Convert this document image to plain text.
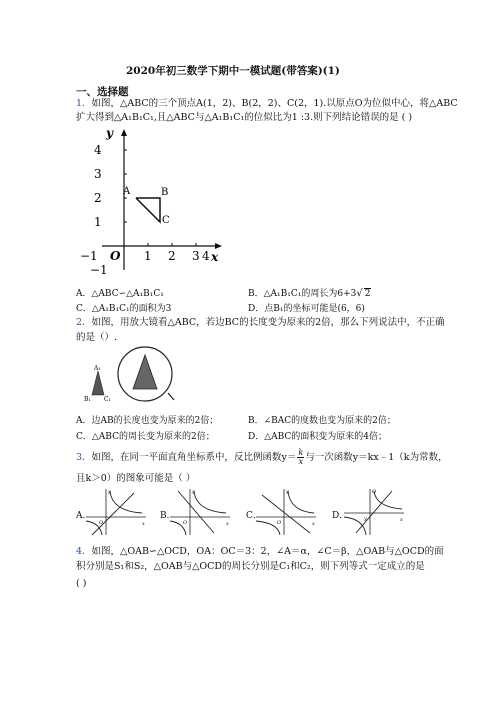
2020年初三数学下期中一模试题(带答案)(1)
一、选择题
1．如图，△ABC的三个顶点A(1，2)、B(2，2)、C(2，1).以原点O为位似中心，将△ABC
扩大得到△A₁B₁C₁,且△ABC与△A₁B₁C₁的位似比为1 :3.则下列结论错误的是 ( )
y
x
O
4
3
2
1
−1
A	B
C
−1	1 2 3 4
A．△ABC∽△A₁B₁C₁	B．△A₁B₁C₁的周长为6+3√ 2
C．△A₁B₁C₁的面积为3	D．点B₁的坐标可能是(6，6)
2．如图，用放大镜看△ABC，若边BC的长度变为原来的2倍，那么下列说法中，不正确
的是（）.
A₁
B₁ C₁
A．边AB的长度也变为原来的2倍；	B．∠BAC的度数也变为原来的2倍；
C．△ABC的周长变为原来的2倍；	D．△ABC的面积变为原来的4倍；
3．如图，在同一平面直角坐标系中，反比例函数$y= \frac{k}{x}$ 与一次函数y＝kx﹣1（k为常数，
且k＞0）的图象可能是（ ）
A．
x
y
O
B．
x
y
O
C．
x
y
O
D．	x
O
y
4．如图，△OAB∽△OCD，OA：OC＝3：2，∠A＝α，∠C＝β，△OAB与△OCD的面
积分别是S₁和S₂，△OAB与△OCD的周长分别是C₁和C₂，则下列等式一定成立的是
( )
